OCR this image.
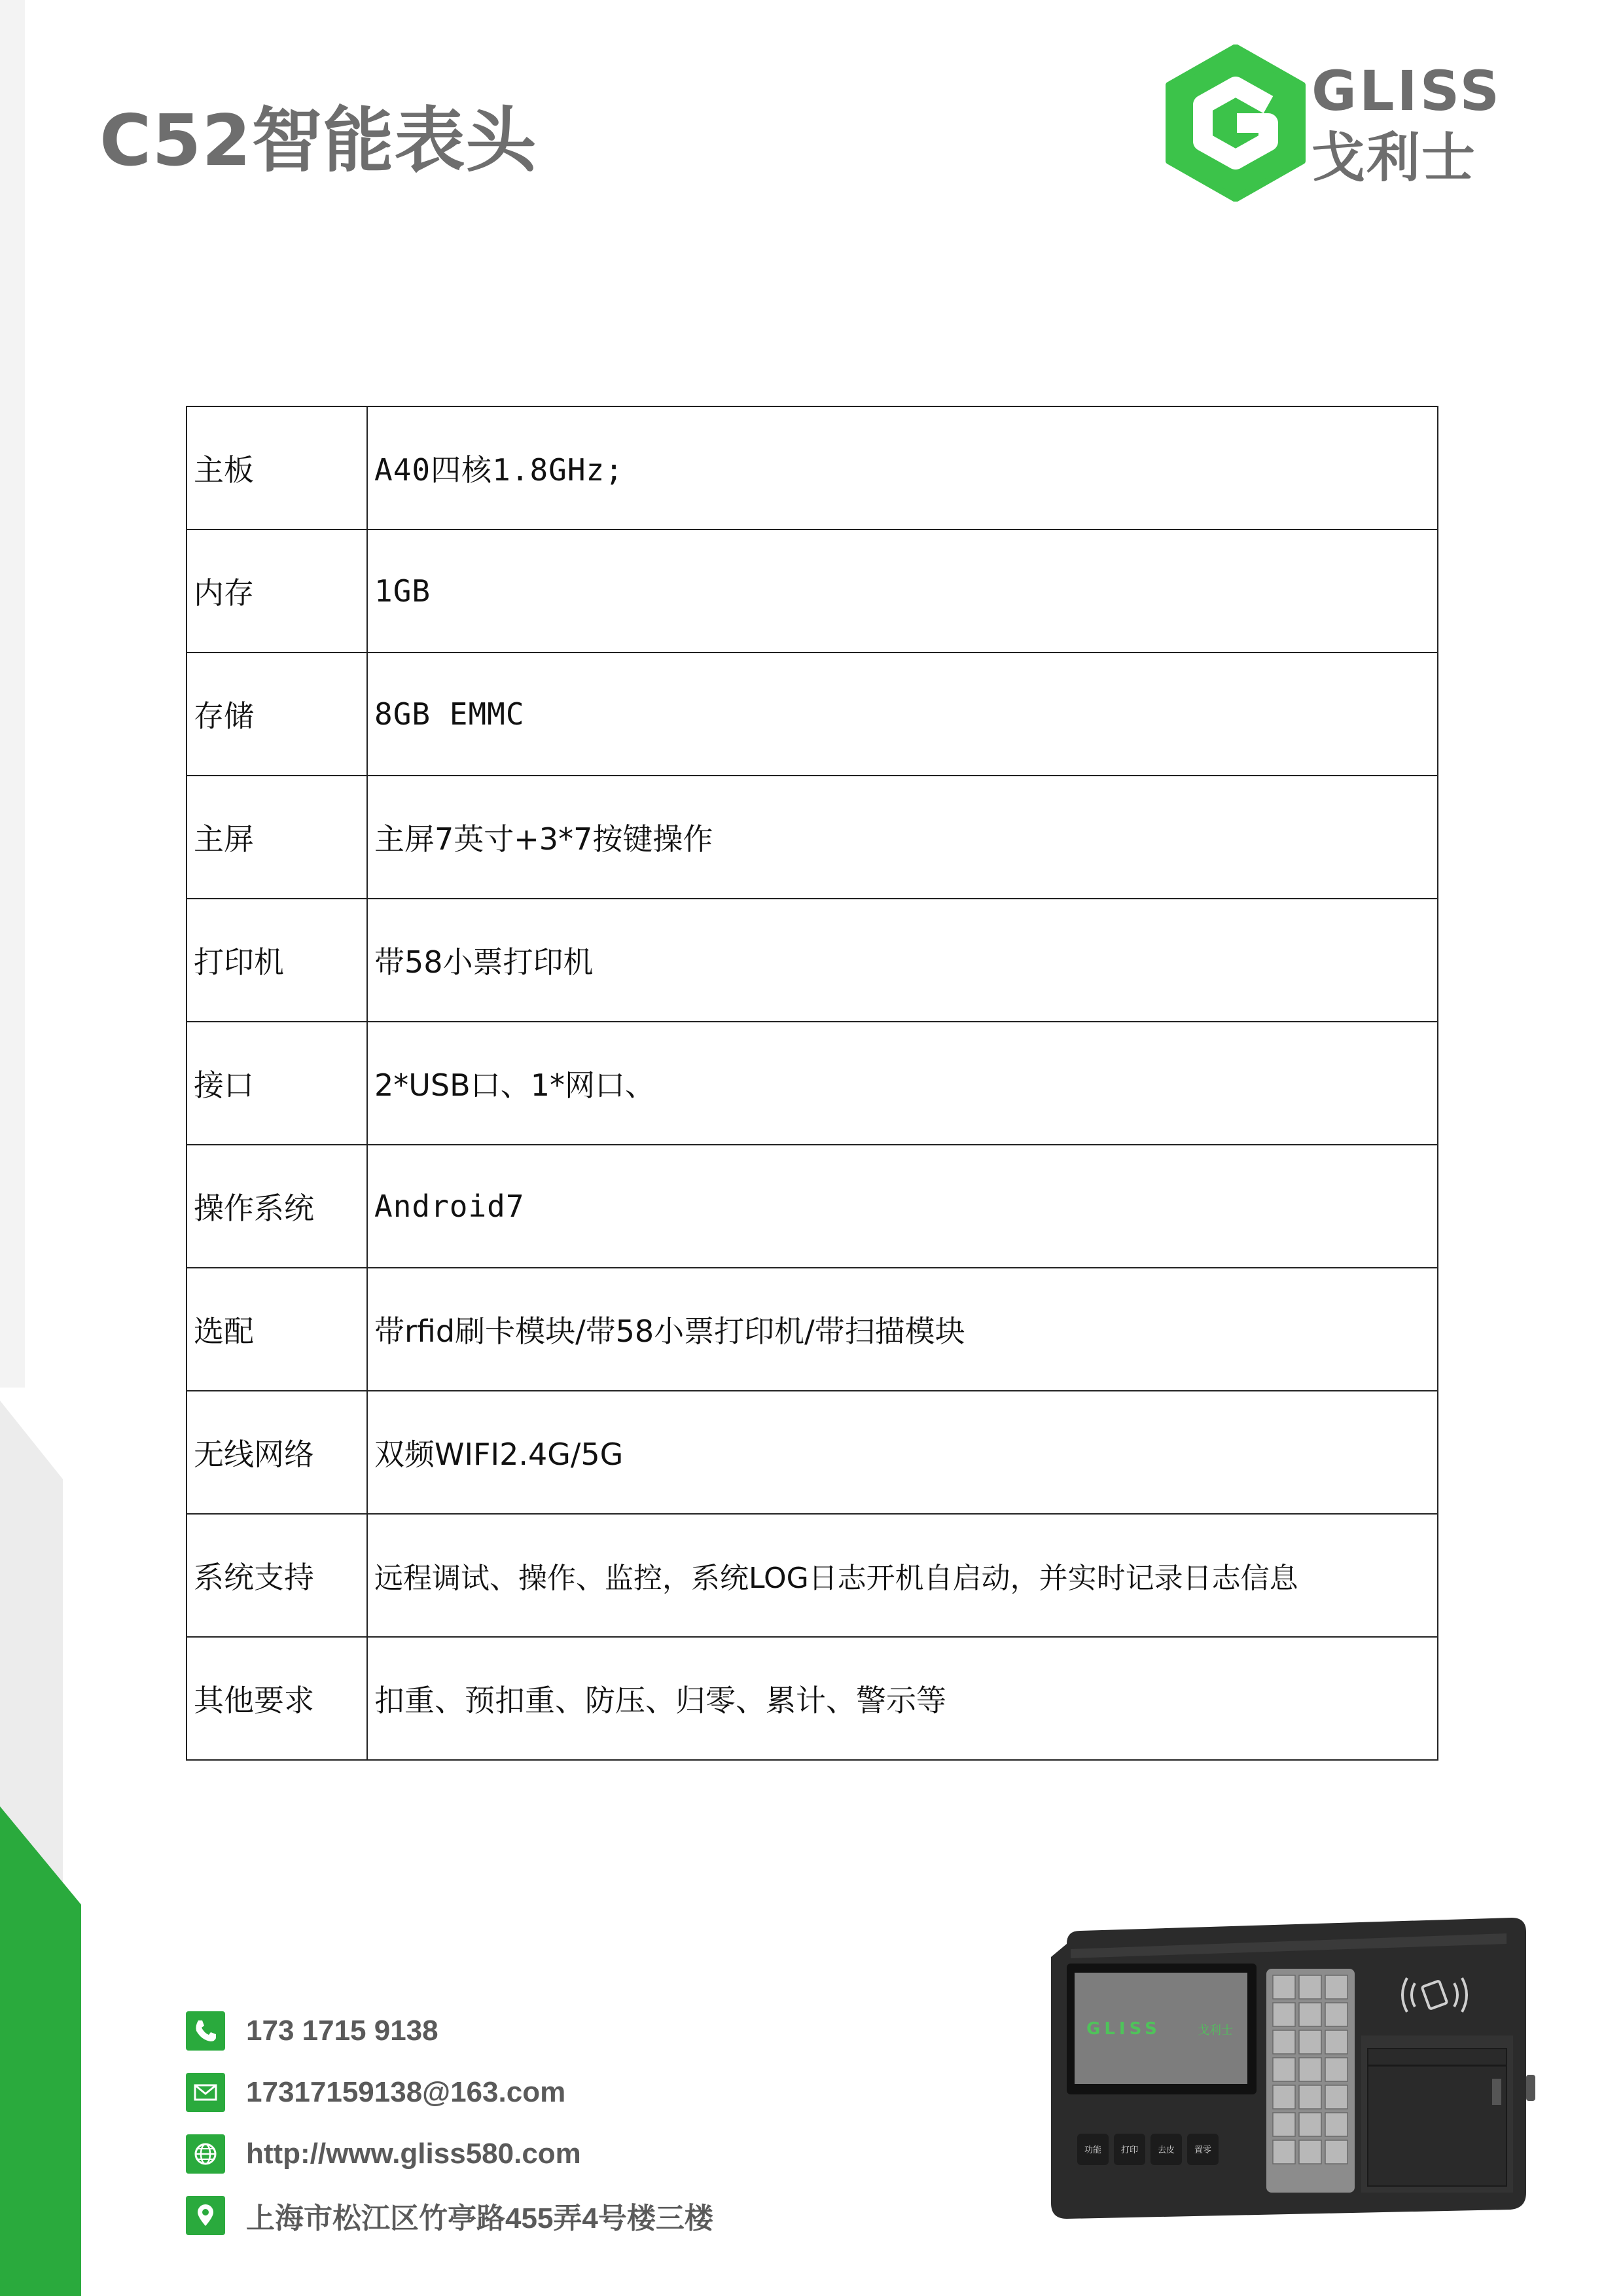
C52智能表头
GLISS
戈利士
主板	A40四核1.8GHz;
内存	1GB
存储	8GB EMMC
主屏	主屏7英寸+3*7按键操作
打印机	带58小票打印机
接口	2*USB口、1*网口、
操作系统	Android7
选配	带rfid刷卡模块/带58小票打印机/带扫描模块
无线网络	双频WIFI2.4G/5G
系统支持	远程调试、操作、监控，系统LOG日志开机自启动，并实时记录日志信息
其他要求	扣重、预扣重、防压、归零、累计、警示等
173 1715 9138
17317159138@163.com
http://www.gliss580.com
上海市松江区竹亭路455弄4号楼三楼
GLISS	戈利士
功能 打印 去皮 置零
